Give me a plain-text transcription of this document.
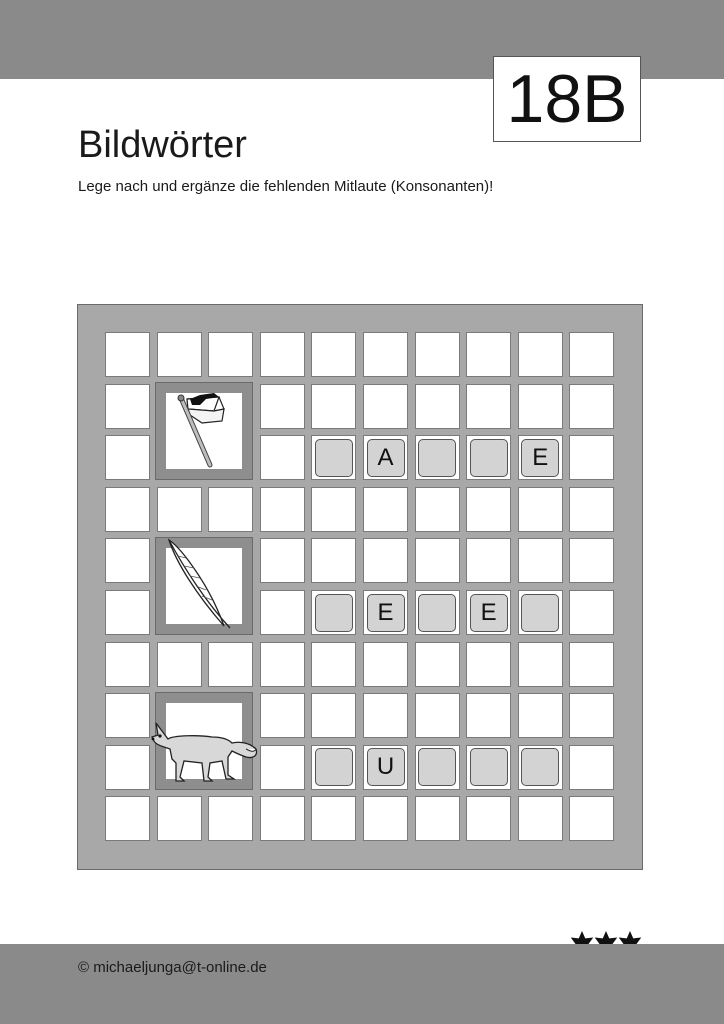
18B
Bildwörter
Lege nach und ergänze die fehlenden Mitlaute (Konsonanten)!
A	E
E	E
U
© michaeljunga@t-online.de
